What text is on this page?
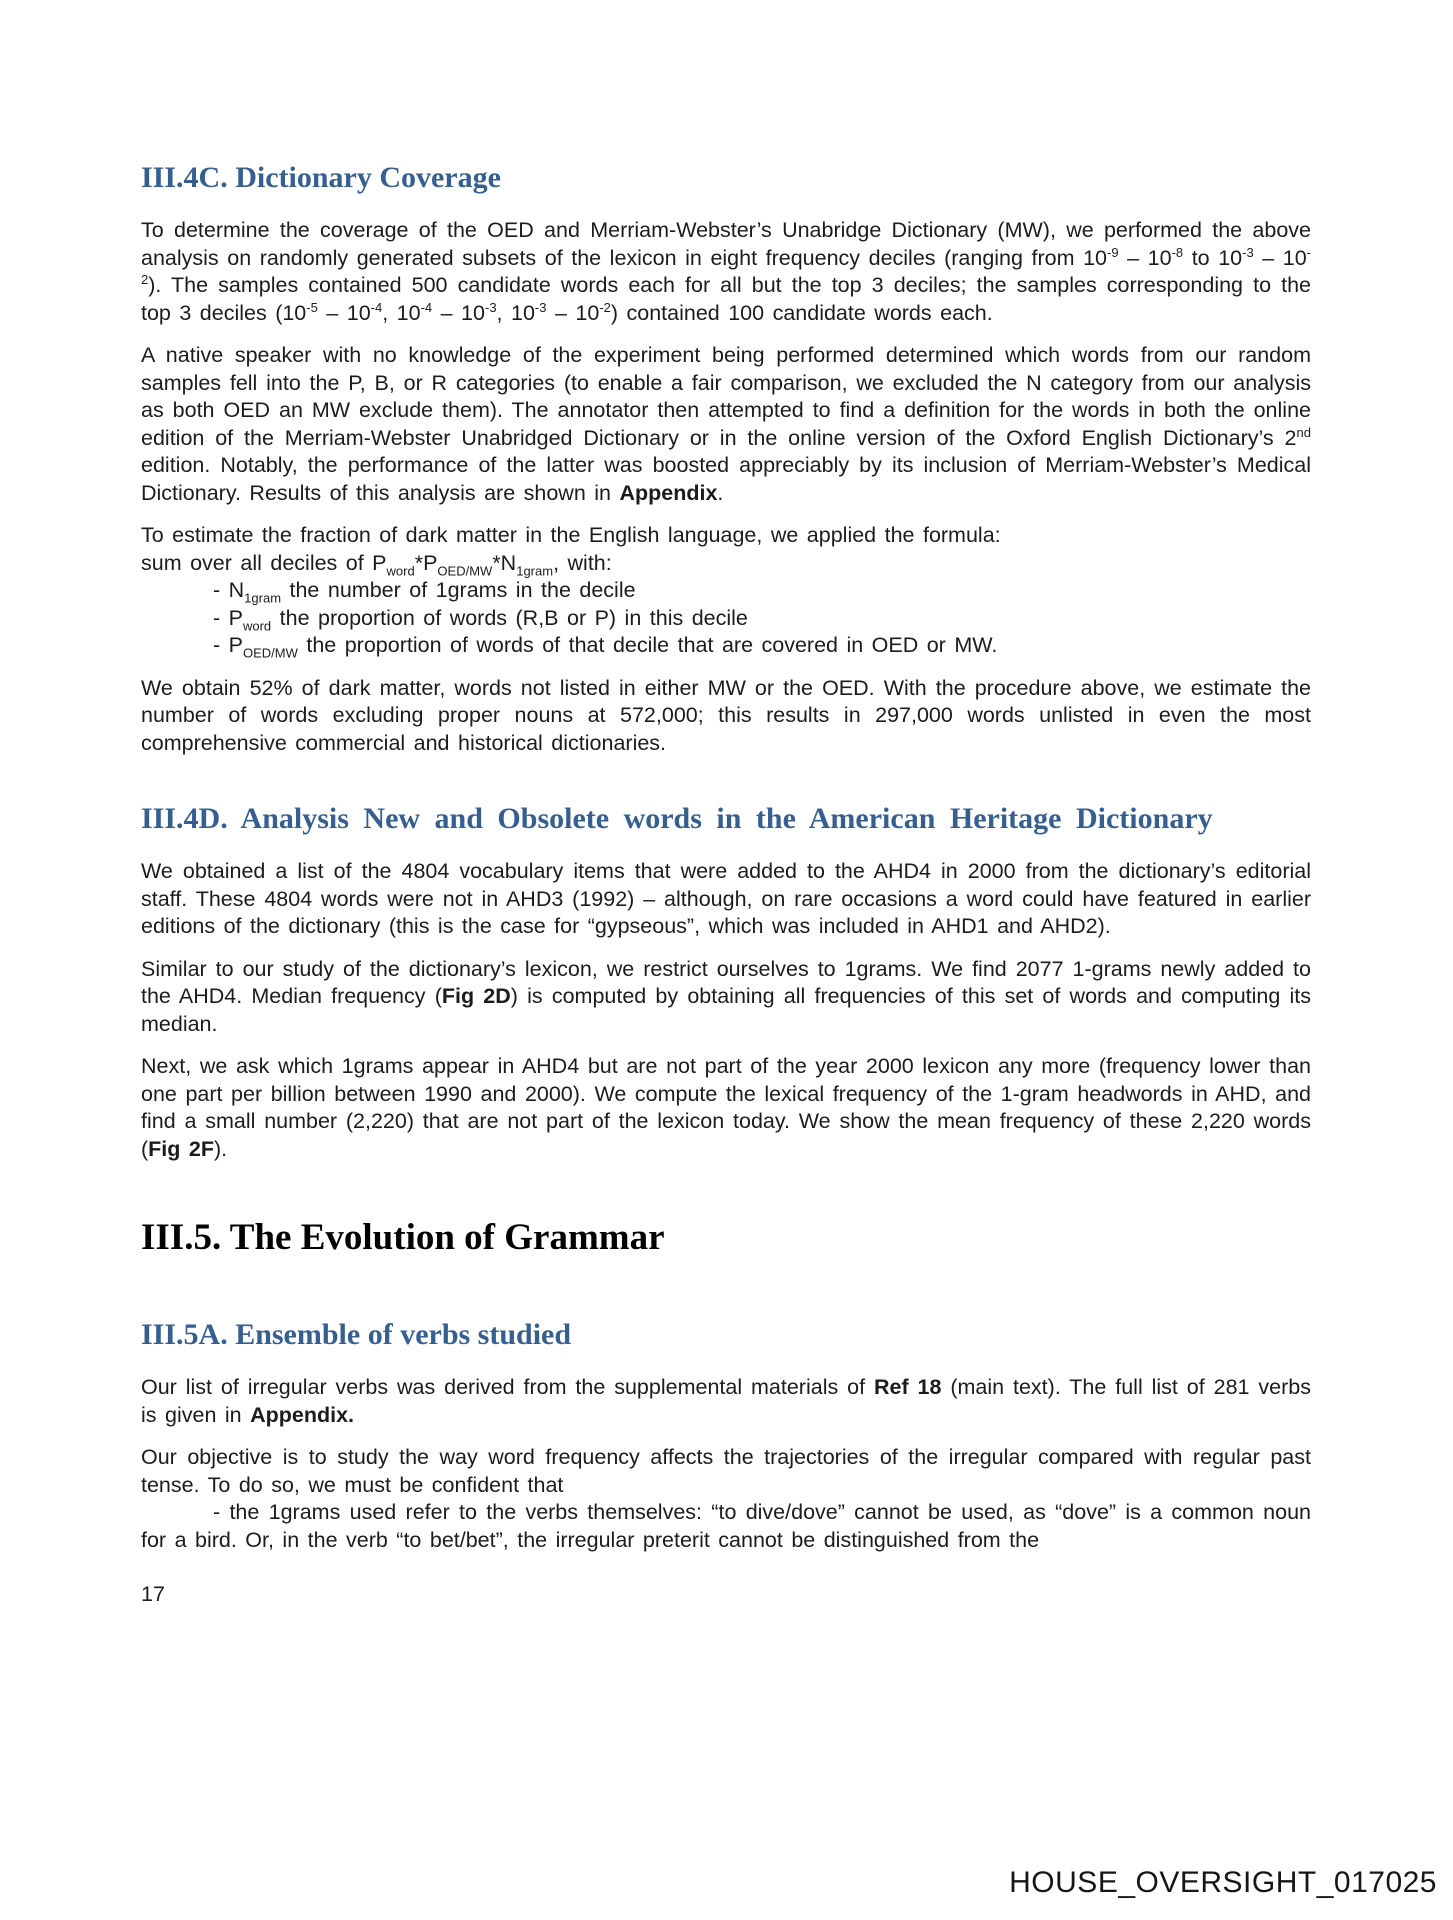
III.4C. Dictionary Coverage

To determine the coverage of the OED and Merriam-Webster’s Unabridge Dictionary (MW), we performed the above analysis on randomly generated subsets of the lexicon in eight frequency deciles (ranging from $10^{-9} - 10^{-8}$ to $10^{-3} - 10^{-2}$). The samples contained 500 candidate words each for all but the top 3 deciles; the samples corresponding to the top 3 deciles ($10^{-5} - 10^{-4}$, $10^{-4} - 10^{-3}$, $10^{-3} - 10^{-2}$) contained 100 candidate words each.

A native speaker with no knowledge of the experiment being performed determined which words from our random samples fell into the P, B, or R categories (to enable a fair comparison, we excluded the N category from our analysis as both OED an MW exclude them). The annotator then attempted to find a definition for the words in both the online edition of the Merriam-Webster Unabridged Dictionary or in the online version of the Oxford English Dictionary’s 2nd edition. Notably, the performance of the latter was boosted appreciably by its inclusion of Merriam-Webster’s Medical Dictionary. Results of this analysis are shown in Appendix.

To estimate the fraction of dark matter in the English language, we applied the formula:
sum over all deciles of $P_{word}*P_{OED/MW}*N_{1gram}$, with:

- $N_{1gram}$ the number of 1grams in the decile

- $P_{word}$ the proportion of words (R,B or P) in this decile

- $P_{OED/MW}$ the proportion of words of that decile that are covered in OED or MW.

We obtain 52% of dark matter, words not listed in either MW or the OED. With the procedure above, we estimate the number of words excluding proper nouns at 572,000; this results in 297,000 words unlisted in even the most comprehensive commercial and historical dictionaries.

III.4D. Analysis New and Obsolete words in the American Heritage Dictionary

We obtained a list of the 4804 vocabulary items that were added to the AHD4 in 2000 from the dictionary’s editorial staff. These 4804 words were not in AHD3 (1992) – although, on rare occasions a word could have featured in earlier editions of the dictionary (this is the case for “gypseous”, which was included in AHD1 and AHD2).

Similar to our study of the dictionary’s lexicon, we restrict ourselves to 1grams. We find 2077 1-grams newly added to the AHD4. Median frequency (Fig 2D) is computed by obtaining all frequencies of this set of words and computing its median.

Next, we ask which 1grams appear in AHD4 but are not part of the year 2000 lexicon any more (frequency lower than one part per billion between 1990 and 2000). We compute the lexical frequency of the 1-gram headwords in AHD, and find a small number (2,220) that are not part of the lexicon today. We show the mean frequency of these 2,220 words (Fig 2F).

III.5. The Evolution of Grammar
III.5A. Ensemble of verbs studied

Our list of irregular verbs was derived from the supplemental materials of Ref 18 (main text). The full list of 281 verbs is given in Appendix.

Our objective is to study the way word frequency affects the trajectories of the irregular compared with regular past tense. To do so, we must be confident that

- the 1grams used refer to the verbs themselves: “to dive/dove” cannot be used, as “dove” is a common noun for a bird. Or, in the verb “to bet/bet”, the irregular preterit cannot be distinguished from the

17
HOUSE_OVERSIGHT_017025
